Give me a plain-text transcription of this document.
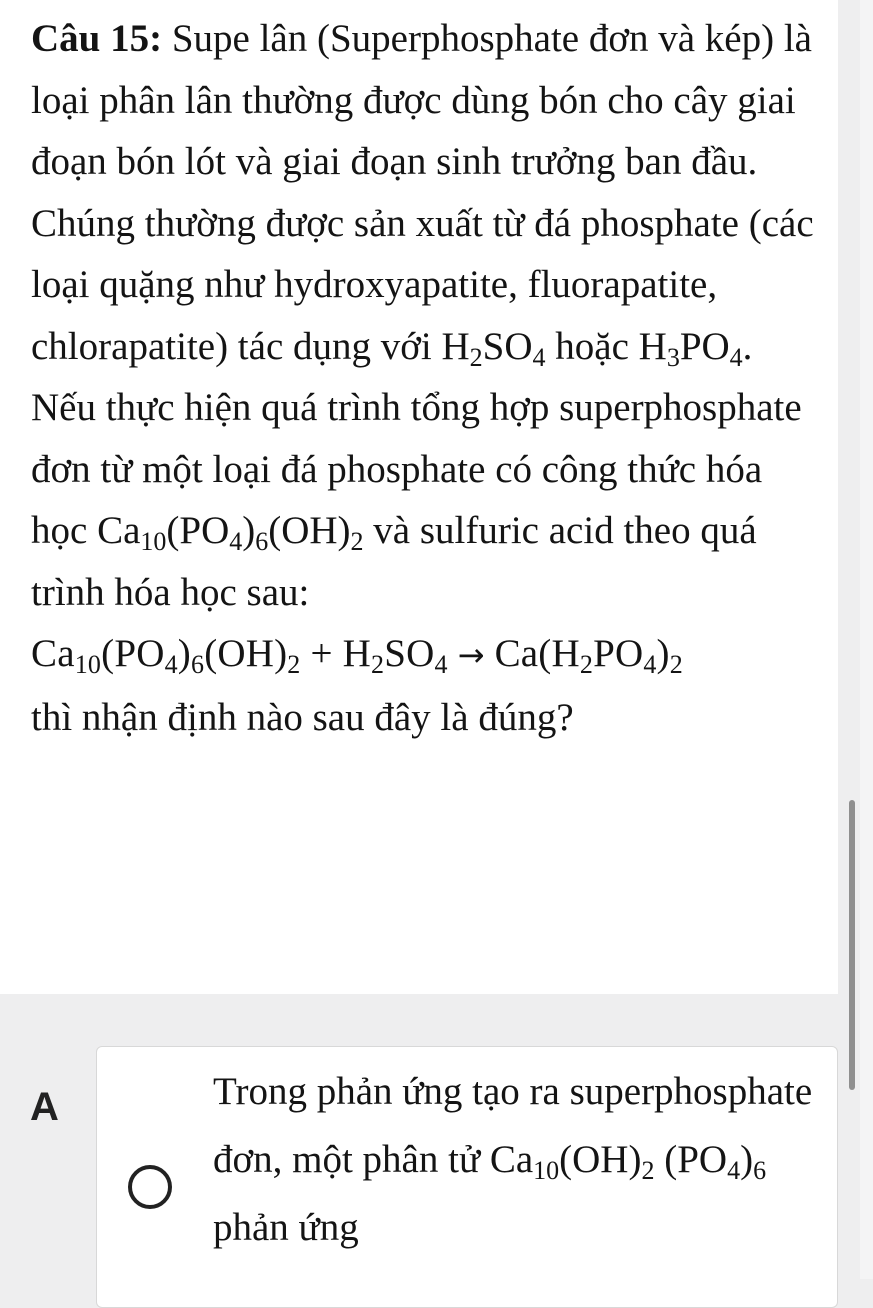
Câu 15: Supe lân (Superphosphate đơn và kép) là loại phân lân thường được dùng bón cho cây giai đoạn bón lót và giai đoạn sinh trưởng ban đầu. Chúng thường được sản xuất từ đá phosphate (các loại quặng như hydroxyapatite, fluorapatite, chlorapatite) tác dụng với $H_2SO_4$ hoặc $H_3PO_4$. Nếu thực hiện quá trình tổng hợp superphosphate đơn từ một loại đá phosphate có công thức hóa học $Ca_{10}(PO_4)_6(OH)_2$ và sulfuric acid theo quá trình hóa học sau:
$Ca_{10}(PO_4)_6(OH)_2 + H_2SO_4 \to Ca(H_2PO_4)_2$
thì nhận định nào sau đây là đúng?
A	Trong phản ứng tạo ra superphosphate đơn, một phân tử $Ca_{10}(OH)_2$ $(PO_4)_6$ phản ứng
